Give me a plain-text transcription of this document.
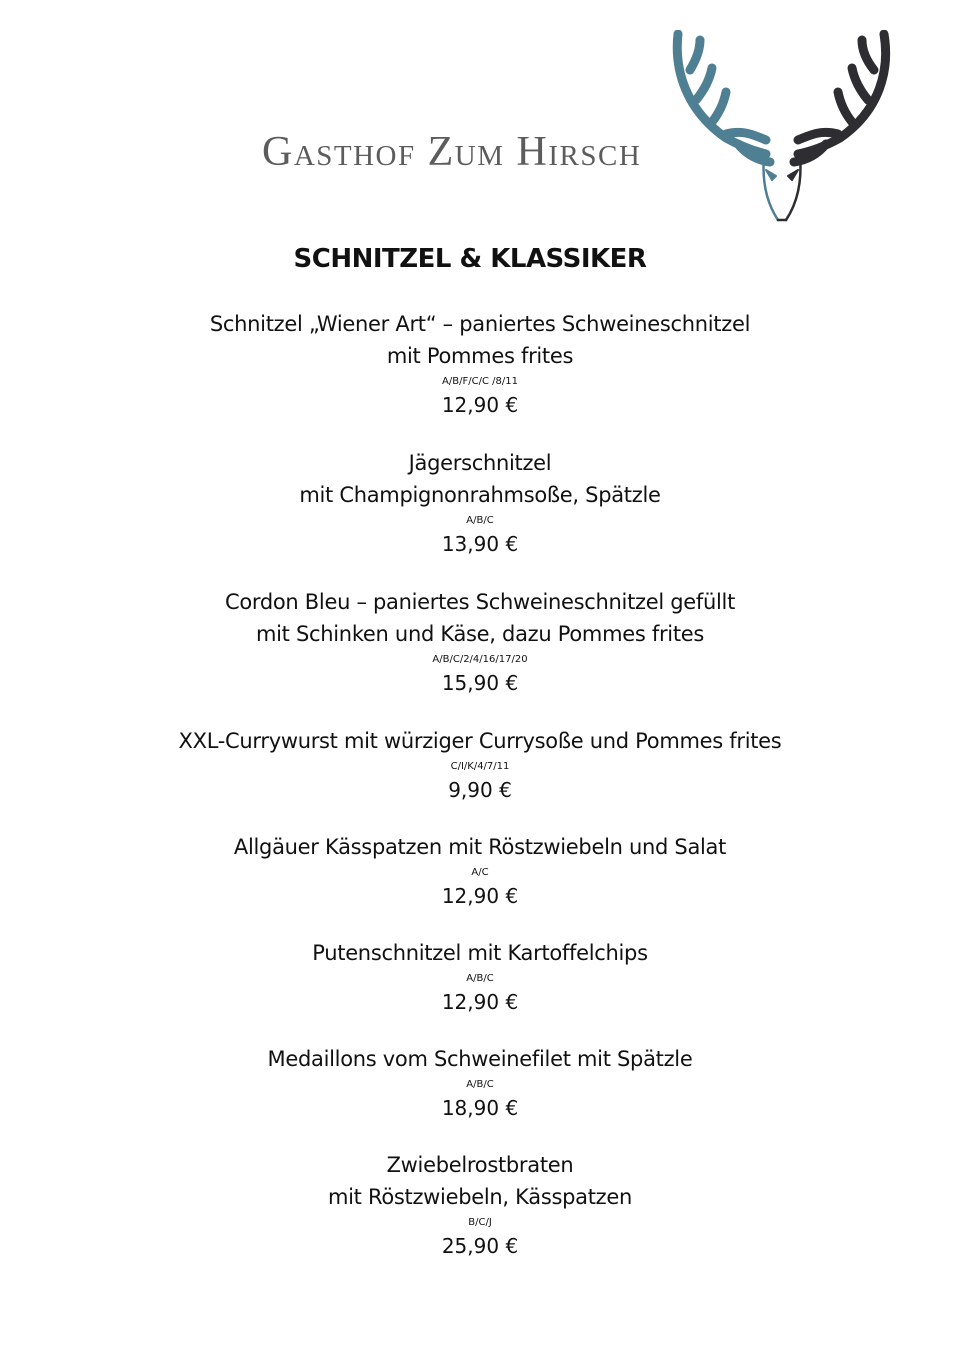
Gasthof Zum Hirsch
SCHNITZEL & KLASSIKER
Schnitzel „Wiener Art“ – paniertes Schweineschnitzel
mit Pommes frites
A/B/F/C/C /8/11
12,90 €
Jägerschnitzel
mit Champignonrahmsoße, Spätzle
A/B/C
13,90 €
Cordon Bleu – paniertes Schweineschnitzel gefüllt
mit Schinken und Käse, dazu Pommes frites
A/B/C/2/4/16/17/20
15,90 €
XXL-Currywurst mit würziger Currysoße und Pommes frites
C/I/K/4/7/11
9,90 €
Allgäuer Kässpatzen mit Röstzwiebeln und Salat
A/C
12,90 €
Putenschnitzel mit Kartoffelchips
A/B/C
12,90 €
Medaillons vom Schweinefilet mit Spätzle
A/B/C
18,90 €
Zwiebelrostbraten
mit Röstzwiebeln, Kässpatzen
B/C/J
25,90 €
